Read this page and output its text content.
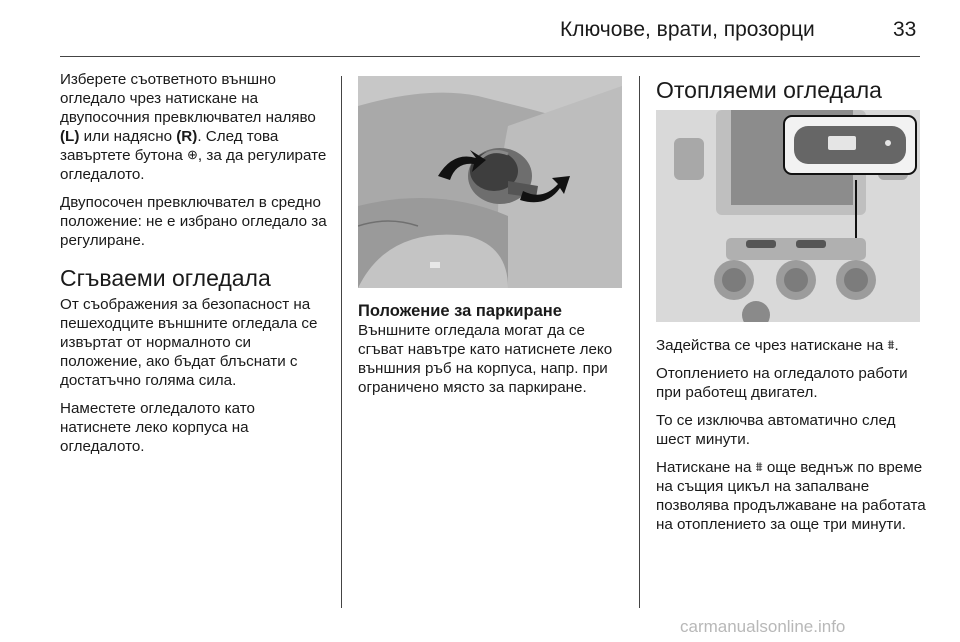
Ключове, врати, прозорци	33

Изберете съответното външно огледало чрез натискане на двупосочния превключвател наляво (L) или надясно (R). След това завъртете бутона ⊕, за да регулирате огледалото.

Двупосочен превключвател в средно положение: не е избрано огледало за регулиране.

Сгъваеми огледала

От съображения за безопасност на пешеходците външните огледала се извъртат от нормалното си положение, ако бъдат блъснати с достатъчно голяма сила.

Наместете огледалото като натиснете леко корпуса на огледалото.

Положение за паркиране

Външните огледала могат да се сгъват навътре като натиснете леко външния ръб на корпуса, напр. при ограничено място за паркиране.

Отопляеми огледала

Задейства се чрез натискане на ⩩.

Отоплението на огледалото работи при работещ двигател.

То се изключва автоматично след шест минути.

Натискане на ⩩ още веднъж по време на същия цикъл на запалване позволява продължаване на работата на отоплението за още три минути.

carmanualsonline.info
